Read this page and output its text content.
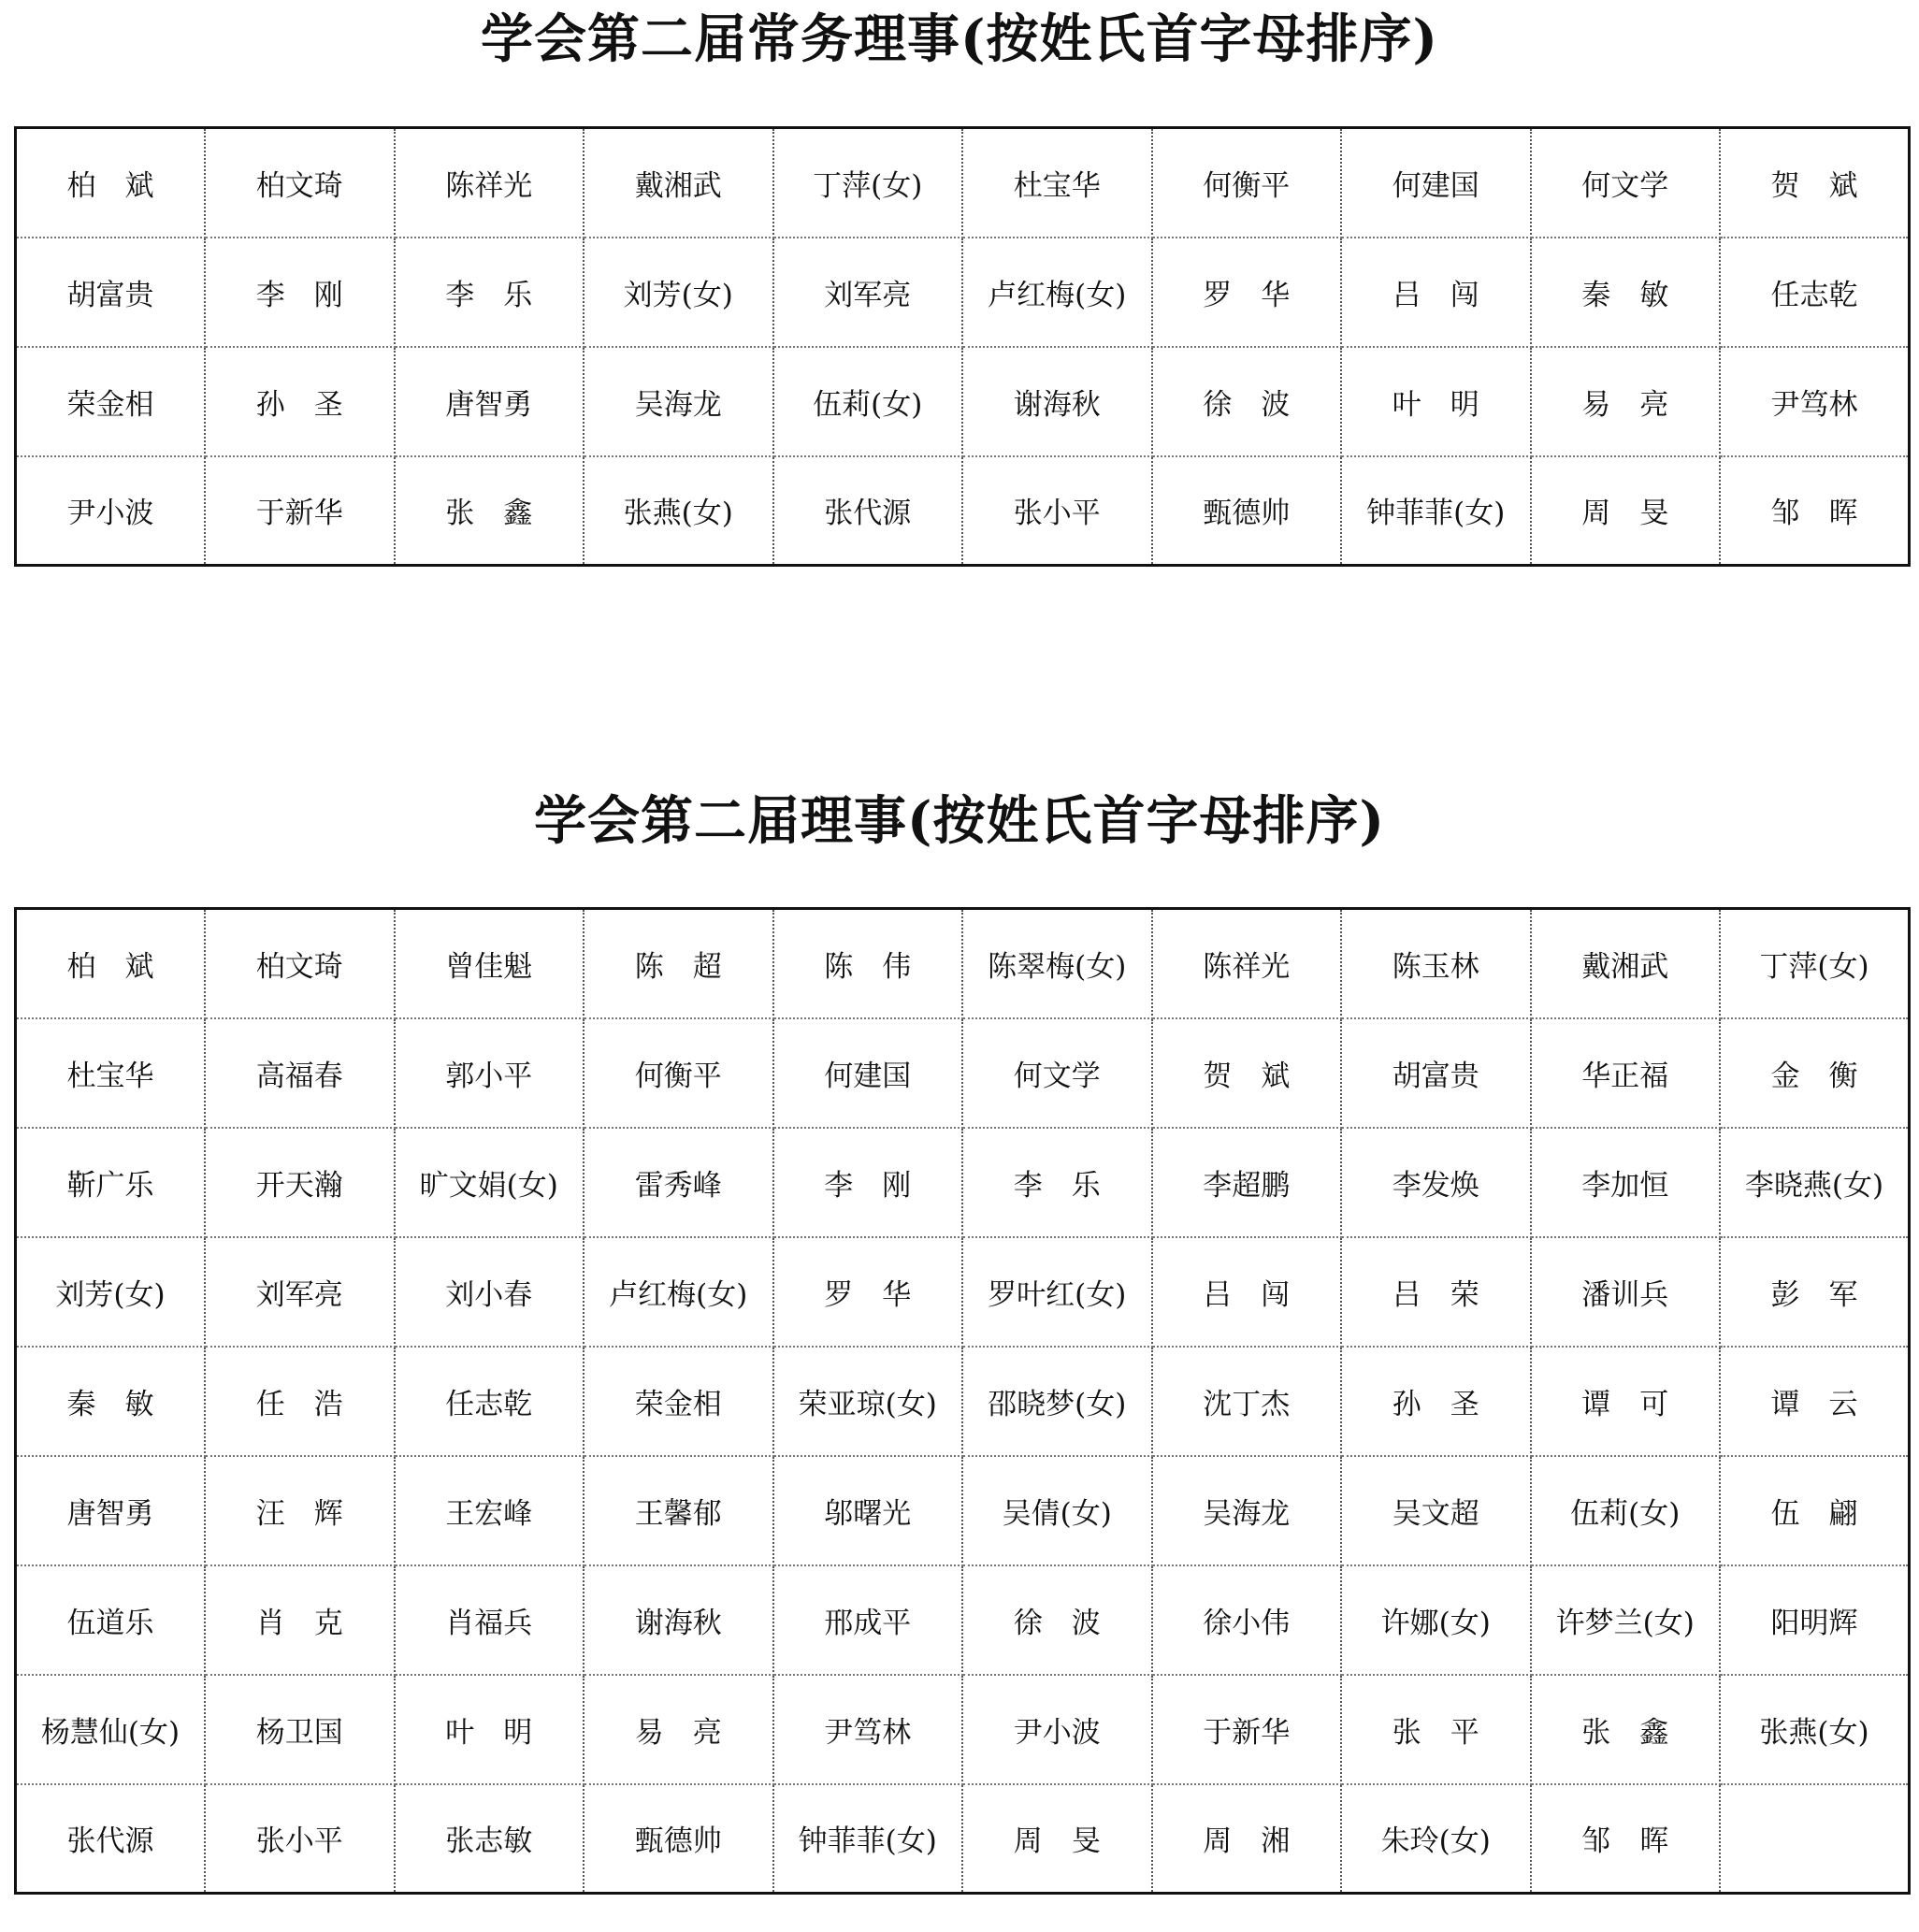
学会第二届常务理事(按姓氏首字母排序)
柏　斌	柏文琦	陈祥光	戴湘武	丁萍(女)	杜宝华	何衡平	何建国	何文学	贺　斌
胡富贵	李　刚	李　乐	刘芳(女)	刘军亮	卢红梅(女)	罗　华	吕　闯	秦　敏	任志乾
荣金相	孙　圣	唐智勇	吴海龙	伍莉(女)	谢海秋	徐　波	叶　明	易　亮	尹笃林
尹小波	于新华	张　鑫	张燕(女)	张代源	张小平	甄德帅	钟菲菲(女)	周　旻	邹　晖
学会第二届理事(按姓氏首字母排序)
柏　斌	柏文琦	曾佳魁	陈　超	陈　伟	陈翠梅(女)	陈祥光	陈玉林	戴湘武	丁萍(女)
杜宝华	高福春	郭小平	何衡平	何建国	何文学	贺　斌	胡富贵	华正福	金　衡
靳广乐	开天瀚	旷文娟(女)	雷秀峰	李　刚	李　乐	李超鹏	李发焕	李加恒	李晓燕(女)
刘芳(女)	刘军亮	刘小春	卢红梅(女)	罗　华	罗叶红(女)	吕　闯	吕　荣	潘训兵	彭　军
秦　敏	任　浩	任志乾	荣金相	荣亚琼(女)	邵晓梦(女)	沈丁杰	孙　圣	谭　可	谭　云
唐智勇	汪　辉	王宏峰	王馨郁	邬曙光	吴倩(女)	吴海龙	吴文超	伍莉(女)	伍　翩
伍道乐	肖　克	肖福兵	谢海秋	邢成平	徐　波	徐小伟	许娜(女)	许梦兰(女)	阳明辉
杨慧仙(女)	杨卫国	叶　明	易　亮	尹笃林	尹小波	于新华	张　平	张　鑫	张燕(女)
张代源	张小平	张志敏	甄德帅	钟菲菲(女)	周　旻	周　湘	朱玲(女)	邹　晖	
